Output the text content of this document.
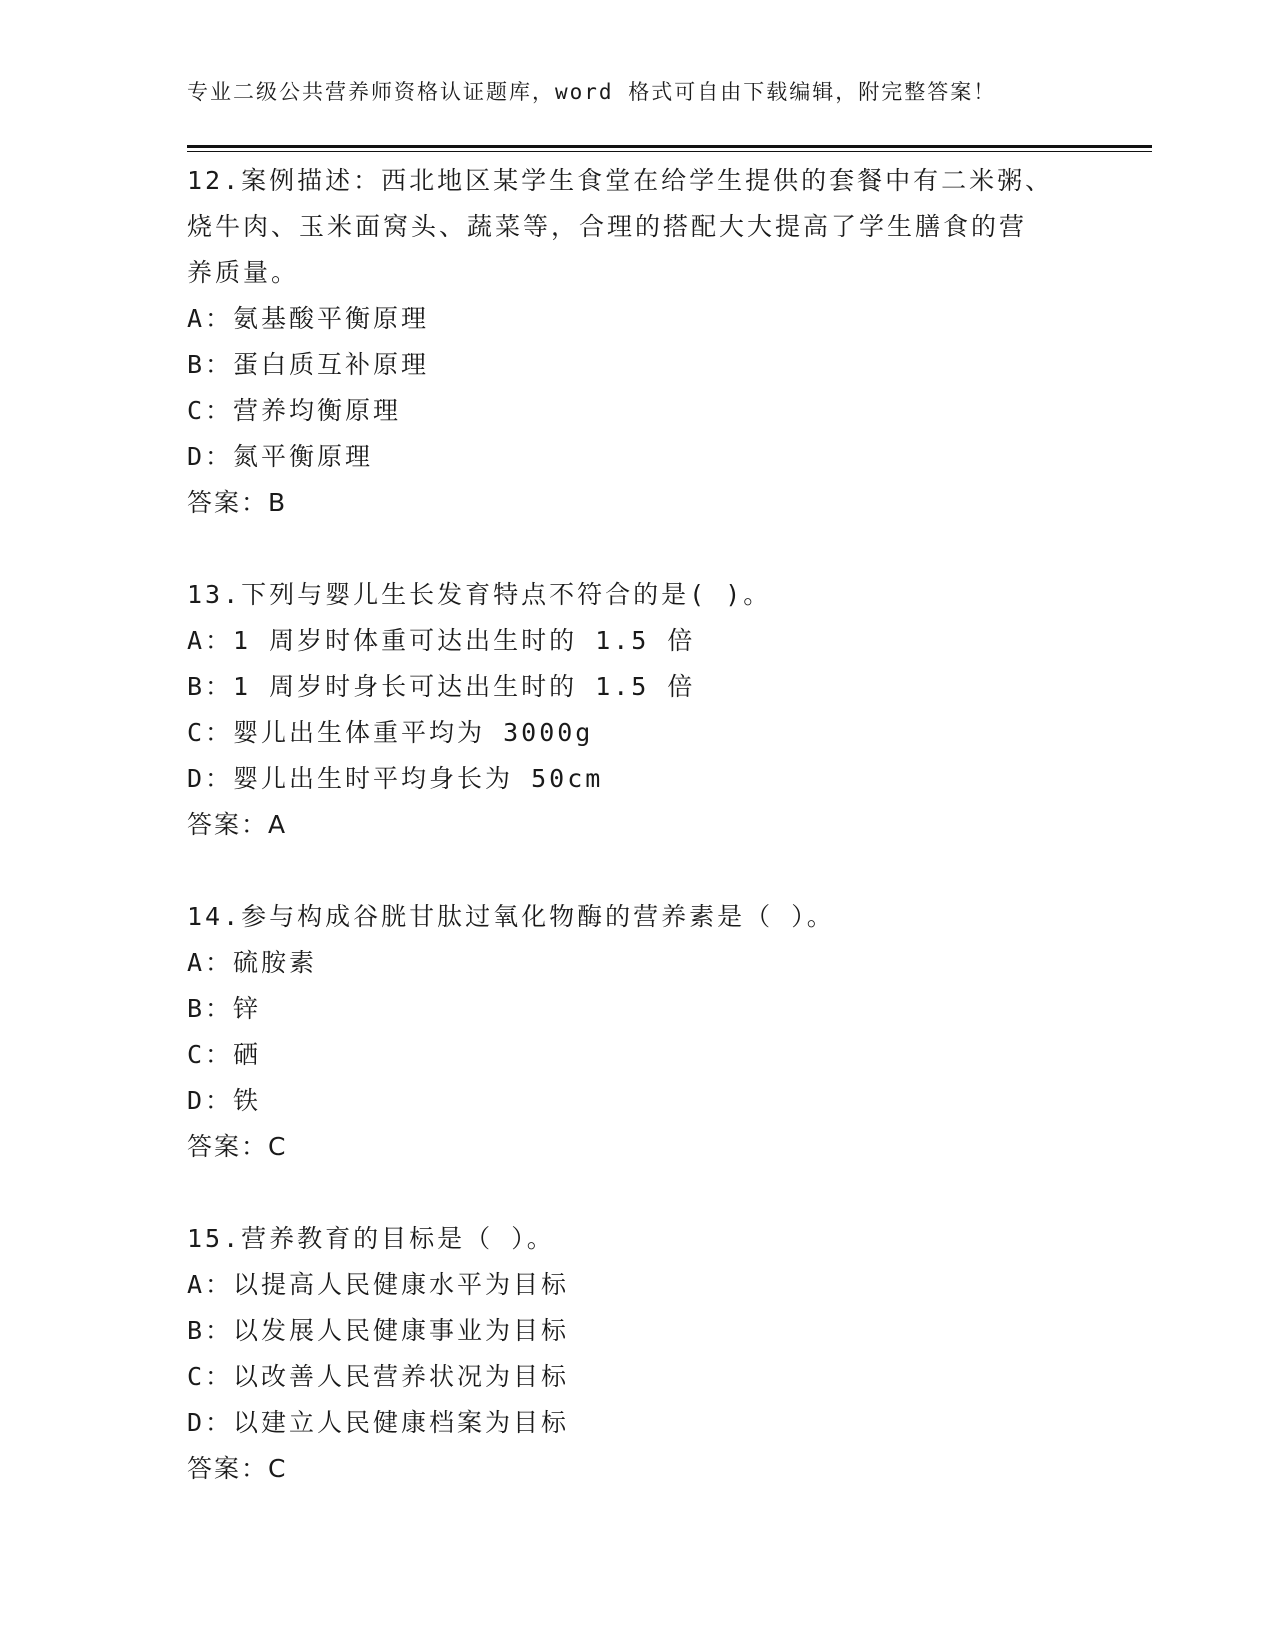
专业二级公共营养师资格认证题库，word 格式可自由下载编辑，附完整答案！
12.案例描述：西北地区某学生食堂在给学生提供的套餐中有二米粥、
烧牛肉、玉米面窝头、蔬菜等，合理的搭配大大提高了学生膳食的营
养质量。
A：氨基酸平衡原理
B：蛋白质互补原理
C：营养均衡原理
D：氮平衡原理
答案：B
13.下列与婴儿生长发育特点不符合的是( )。
A：1 周岁时体重可达出生时的 1.5 倍
B：1 周岁时身长可达出生时的 1.5 倍
C：婴儿出生体重平均为 3000g
D：婴儿出生时平均身长为 50cm
答案：A
14.参与构成谷胱甘肽过氧化物酶的营养素是（ ）。
A：硫胺素
B：锌
C：硒
D：铁
答案：C
15.营养教育的目标是（ ）。
A：以提高人民健康水平为目标
B：以发展人民健康事业为目标
C：以改善人民营养状况为目标
D：以建立人民健康档案为目标
答案：C
